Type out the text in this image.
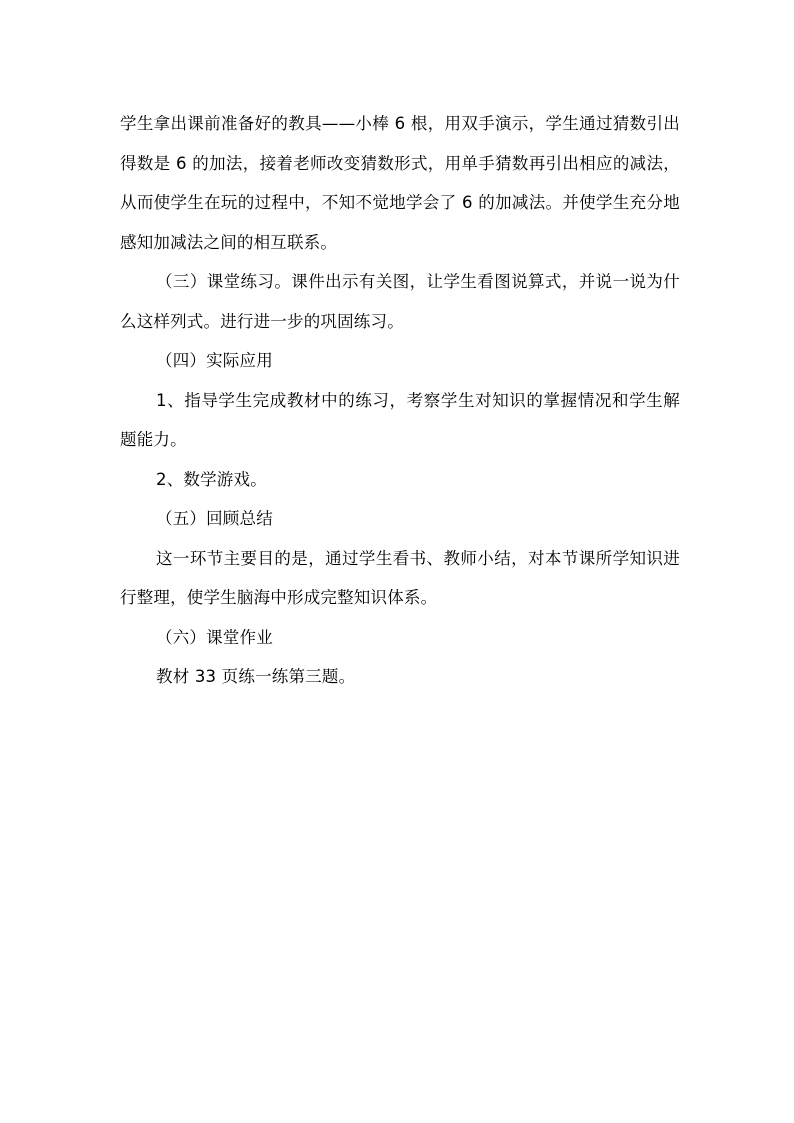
学生拿出课前准备好的教具——小棒 6 根，用双手演示，学生通过猜数引出得数是 6 的加法，接着老师改变猜数形式，用单手猜数再引出相应的减法，从而使学生在玩的过程中，不知不觉地学会了 6 的加减法。并使学生充分地感知加减法之间的相互联系。

（三）课堂练习。课件出示有关图，让学生看图说算式，并说一说为什么这样列式。进行进一步的巩固练习。

（四）实际应用

1、指导学生完成教材中的练习，考察学生对知识的掌握情况和学生解题能力。

2、数学游戏。

（五）回顾总结

这一环节主要目的是，通过学生看书、教师小结，对本节课所学知识进行整理，使学生脑海中形成完整知识体系。

（六）课堂作业

教材 33 页练一练第三题。
